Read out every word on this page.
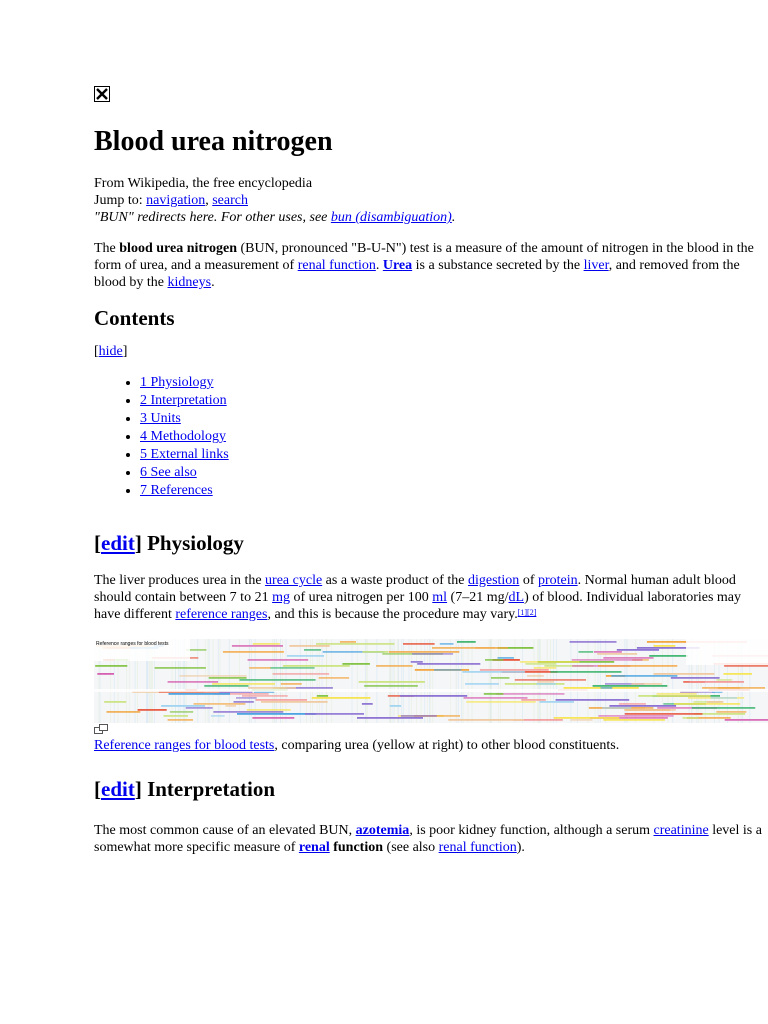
Blood urea nitrogen
From Wikipedia, the free encyclopedia
Jump to: navigation, search
"BUN" redirects here. For other uses, see bun (disambiguation).

The blood urea nitrogen (BUN, pronounced "B-U-N") test is a measure of the amount of nitrogen in the blood in the form of urea, and a measurement of renal function. Urea is a substance secreted by the liver, and removed from the blood by the kidneys.

Contents
[hide]
• 1 Physiology
• 2 Interpretation
• 3 Units
• 4 Methodology
• 5 External links
• 6 See also
• 7 References
[edit] Physiology

The liver produces urea in the urea cycle as a waste product of the digestion of protein. Normal human adult blood should contain between 7 to 21 mg of urea nitrogen per 100 ml (7–21 mg/dL) of blood. Individual laboratories may have different reference ranges, and this is because the procedure may vary.[1][2]

Reference ranges for blood tests

Reference ranges for blood tests, comparing urea (yellow at right) to other blood constituents.

[edit] Interpretation

The most common cause of an elevated BUN, azotemia, is poor kidney function, although a serum creatinine level is a somewhat more specific measure of renal function (see also renal function).
